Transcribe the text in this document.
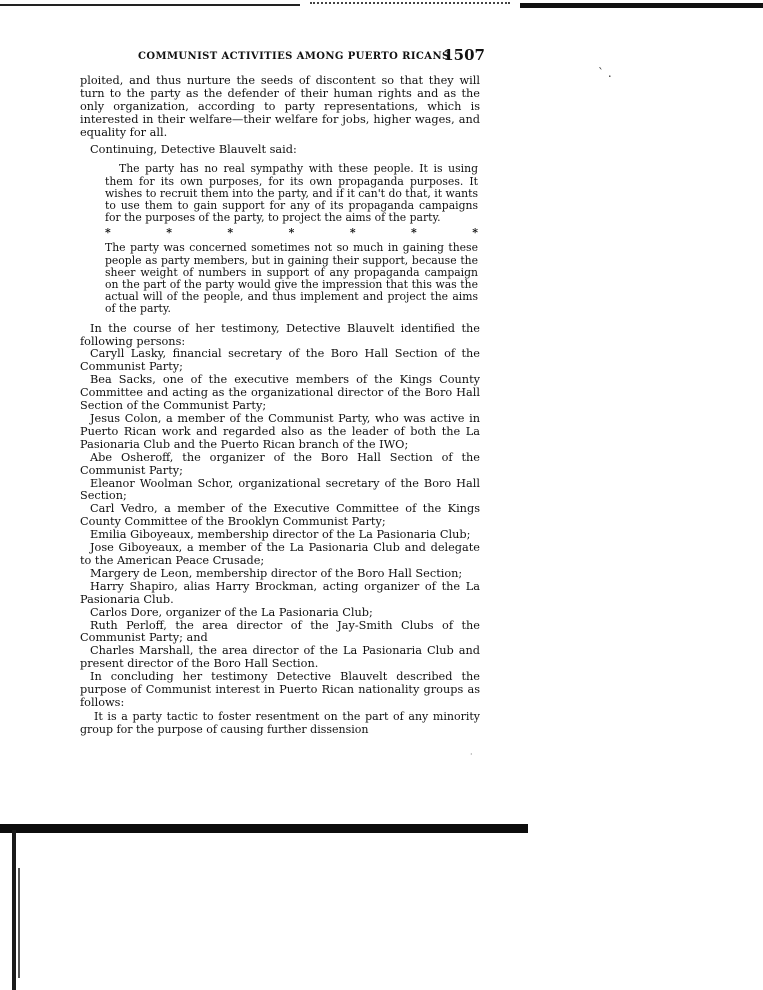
COMMUNIST ACTIVITIES AMONG PUERTO RICANS
1507
` .

ploited, and thus nurture the seeds of discontent so that they will turn to the party as the defender of their human rights and as the only organization, according to party representations, which is interested in their welfare—their welfare for jobs, higher wages, and equality for all.

Continuing, Detective Blauvelt said:

The party has no real sympathy with these people. It is using them for its own purposes, for its own propaganda purposes. It wishes to recruit them into the party, and if it can't do that, it wants to use them to gain support for any of its propaganda campaigns for the purposes of the party, to project the aims of the party.

*	*	*	*	*	*	*

The party was concerned sometimes not so much in gaining these people as party members, but in gaining their support, because the sheer weight of numbers in support of any propaganda campaign on the part of the party would give the impression that this was the actual will of the people, and thus implement and project the aims of the party.

In the course of her testimony, Detective Blauvelt identified the following persons:

Caryll Lasky, financial secretary of the Boro Hall Section of the Communist Party;

Bea Sacks, one of the executive members of the Kings County Committee and acting as the organizational director of the Boro Hall Section of the Communist Party;

Jesus Colon, a member of the Communist Party, who was active in Puerto Rican work and regarded also as the leader of both the La Pasionaria Club and the Puerto Rican branch of the IWO;

Abe Osheroff, the organizer of the Boro Hall Section of the Communist Party;

Eleanor Woolman Schor, organizational secretary of the Boro Hall Section;

Carl Vedro, a member of the Executive Committee of the Kings County Committee of the Brooklyn Communist Party;

Emilia Giboyeaux, membership director of the La Pasionaria Club;

Jose Giboyeaux, a member of the La Pasionaria Club and delegate to the American Peace Crusade;

Margery de Leon, membership director of the Boro Hall Section;

Harry Shapiro, alias Harry Brockman, acting organizer of the La Pasionaria Club.

Carlos Dore, organizer of the La Pasionaria Club;

Ruth Perloff, the area director of the Jay-Smith Clubs of the Communist Party; and

Charles Marshall, the area director of the La Pasionaria Club and present director of the Boro Hall Section.

In concluding her testimony Detective Blauvelt described the purpose of Communist interest in Puerto Rican nationality groups as follows:

It is a party tactic to foster resentment on the part of any minority group for the purpose of causing further dissension

·
